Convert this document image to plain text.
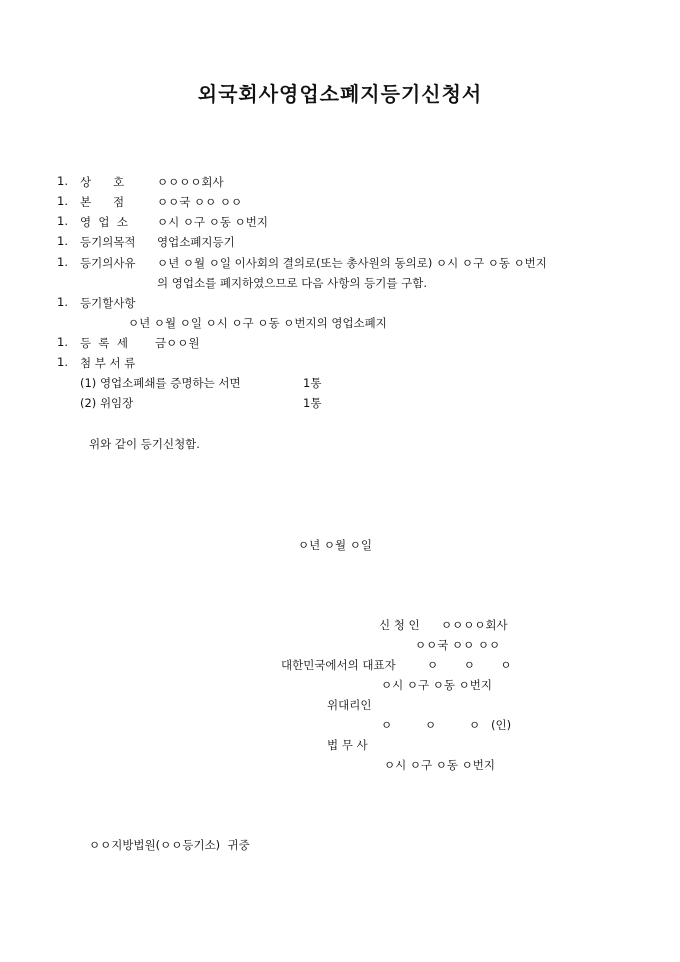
외국회사영업소폐지등기신청서
1. 상      호	ㅇㅇㅇㅇ회사
1. 본      점	ㅇㅇ국 ㅇㅇ ㅇㅇ
1. 영  업  소	ㅇ시 ㅇ구 ㅇ동 ㅇ번지
1. 등기의목적 영업소폐지등기
1. 등기의사유 ㅇ년 ㅇ월 ㅇ일 이사회의 결의로(또는 총사원의 동의로) ㅇ시 ㅇ구 ㅇ동 ㅇ번지
의 영업소를 폐지하였으므로 다음 사항의 등기를 구함.
1. 등기할사항
ㅇ년 ㅇ월 ㅇ일 ㅇ시 ㅇ구 ㅇ동 ㅇ번지의 영업소폐지
1. 등  록  세 금ㅇㅇ원
1. 첨 부 서 류
(1) 영업소폐쇄를 증명하는 서면	1통
(2) 위임장	1통
위와 같이 등기신청함.
ㅇ년 ㅇ월 ㅇ일
신 청 인 ㅇㅇㅇㅇ회사
ㅇㅇ국 ㅇㅇ ㅇㅇ
대한민국에서의 대표자	ㅇ       ㅇ       ㅇ
ㅇ시 ㅇ구 ㅇ동 ㅇ번지
위대리인
ㅇ         ㅇ         ㅇ (인)
법 무 사
ㅇ시 ㅇ구 ㅇ동 ㅇ번지
ㅇㅇ지방법원(ㅇㅇ등기소)  귀중
